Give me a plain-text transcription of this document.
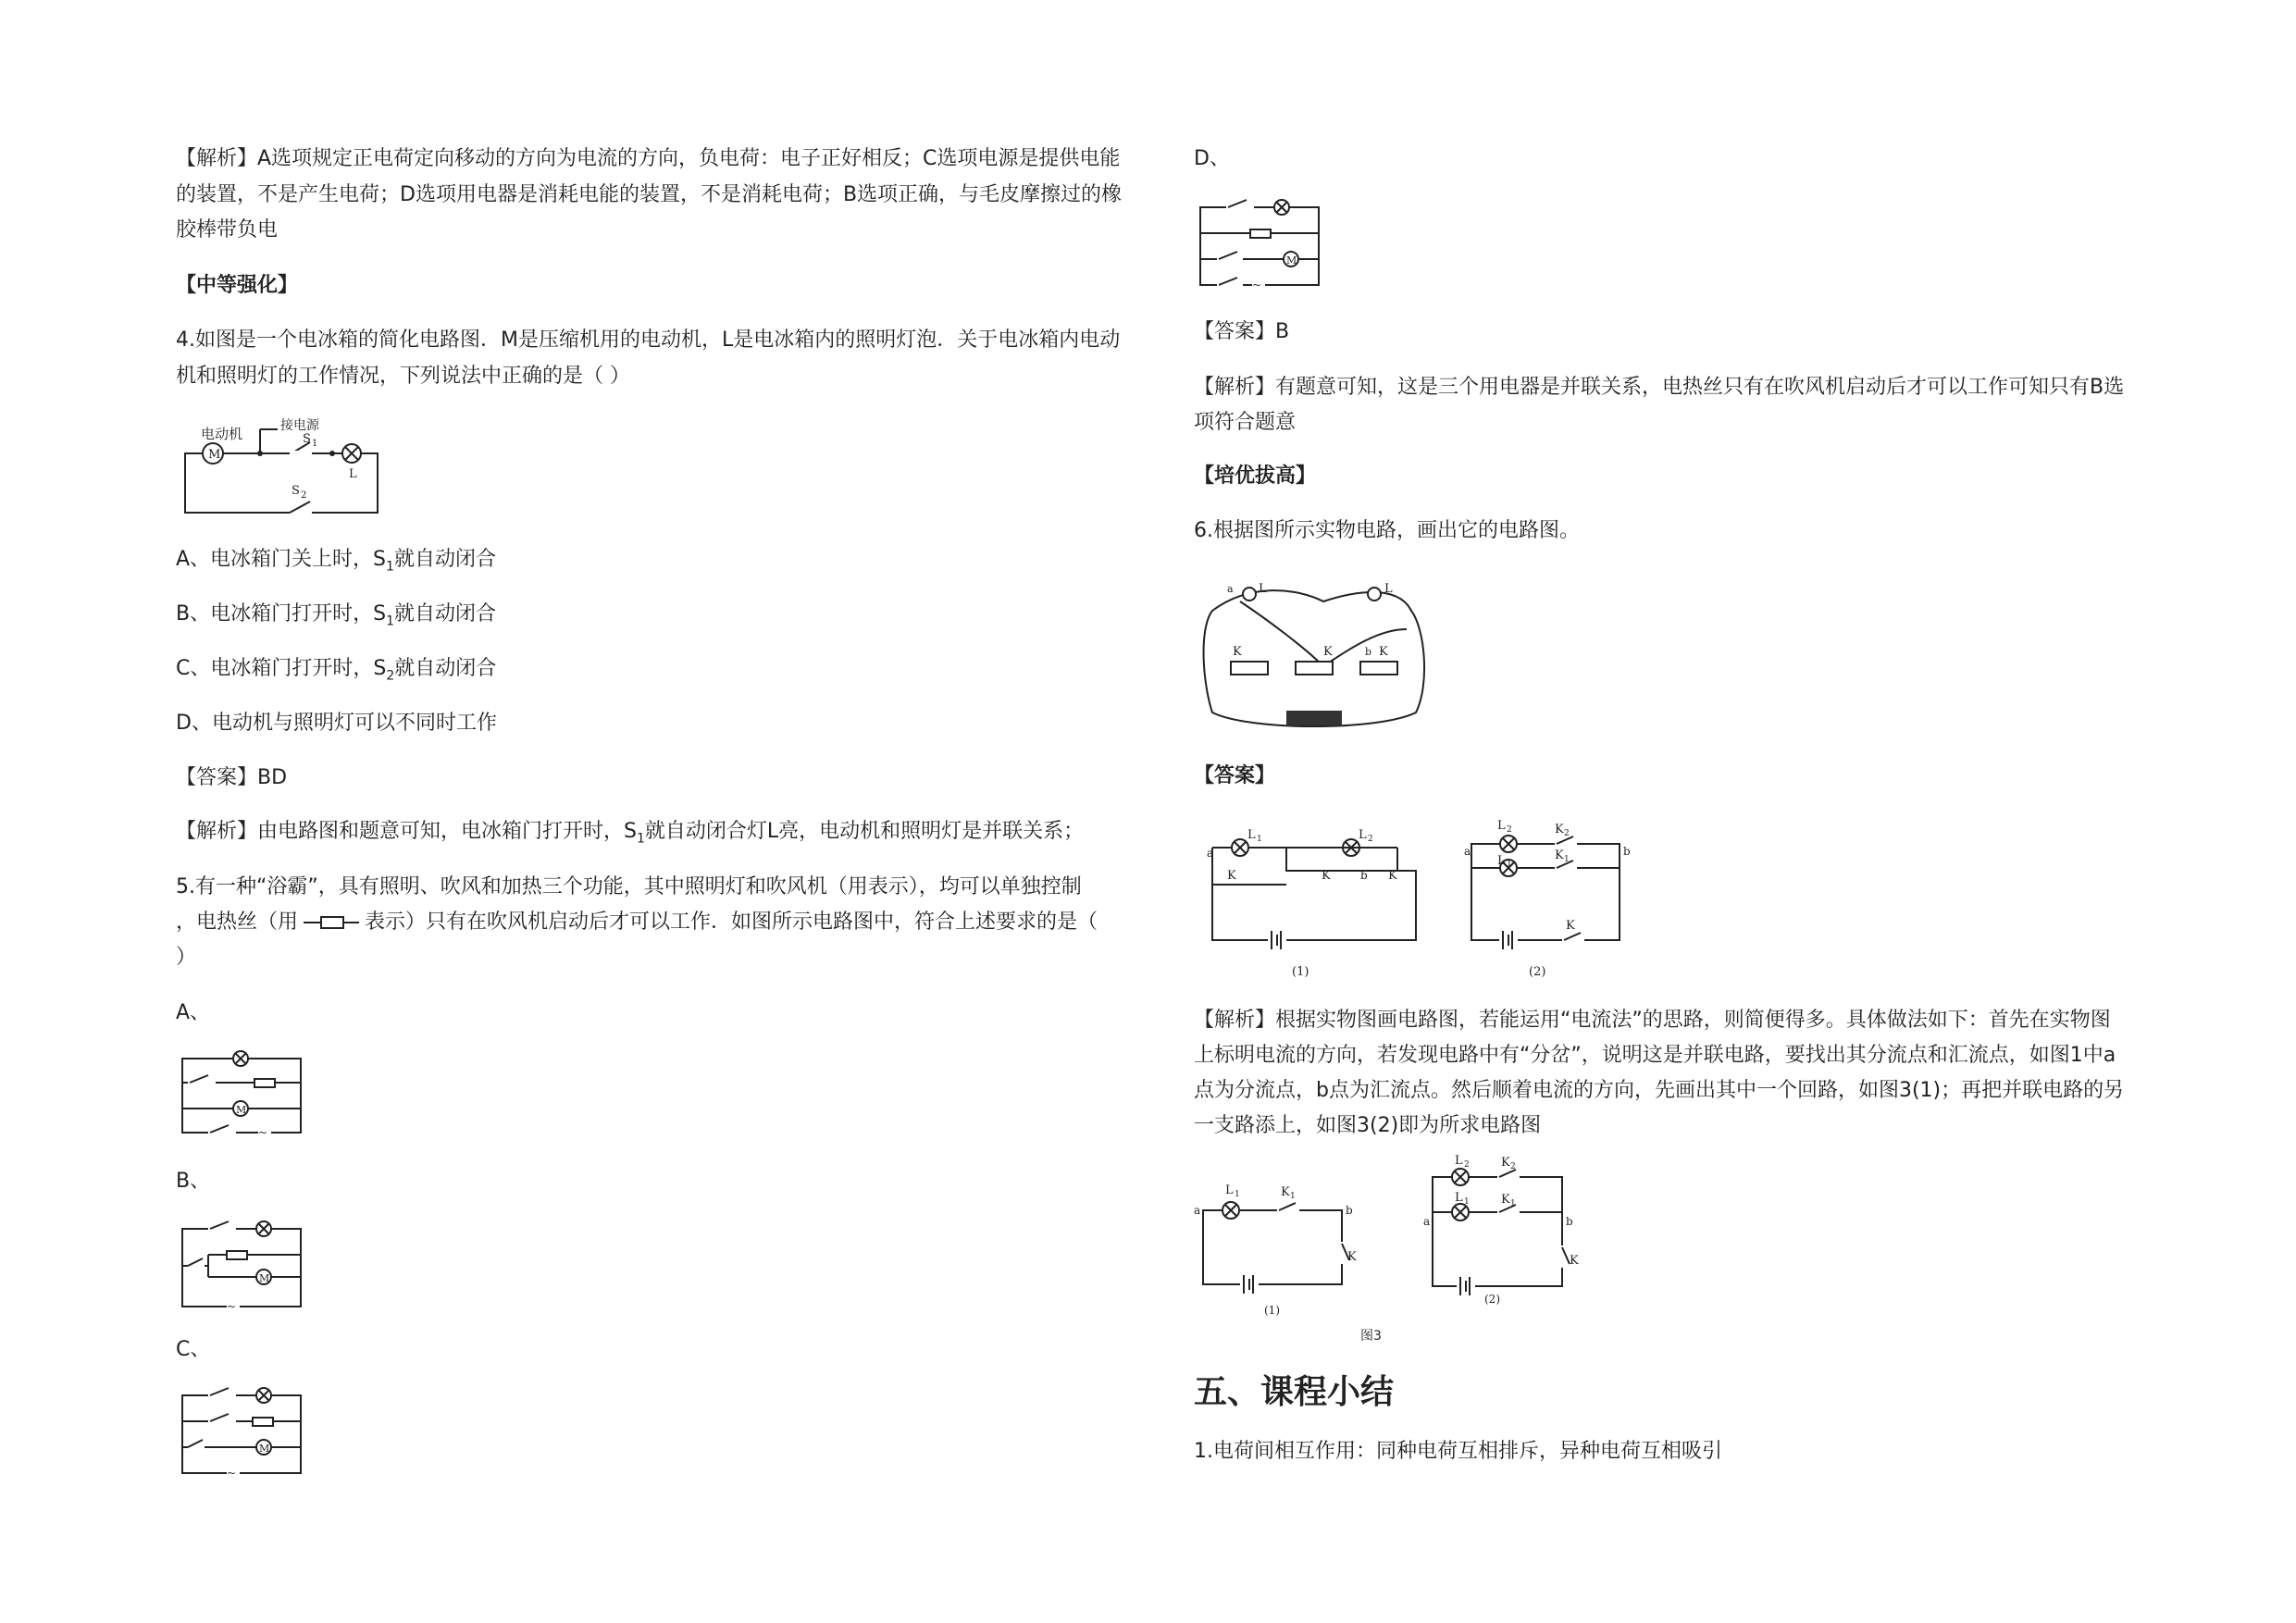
【解析】A选项规定正电荷定向移动的方向为电流的方向，负电荷：电子正好相反；C选项电源是提供电能
的装置，不是产生电荷；D选项用电器是消耗电能的装置，不是消耗电荷；B选项正确，与毛皮摩擦过的橡
胶棒带负电
【中等强化】
4.如图是一个电冰箱的简化电路图．M是压缩机用的电动机，L是电冰箱内的照明灯泡．关于电冰箱内电动
机和照明灯的工作情况，下列说法中正确的是（ ）
电动机	接电源
M
S 1
L
S 2
A、电冰箱门关上时，$S_1$就自动闭合
B、电冰箱门打开时，$S_1$就自动闭合
C、电冰箱门打开时，$S_2$就自动闭合
D、电动机与照明灯可以不同时工作
【答案】BD
【解析】由电路图和题意可知，电冰箱门打开时，$S_1$就自动闭合灯L亮，电动机和照明灯是并联关系；
5.有一种“浴霸”，具有照明、吹风和加热三个功能，其中照明灯和吹风机（用表示），均可以单独控制
，电热丝（用	表示）只有在吹风机启动后才可以工作．如图所示电路图中，符合上述要求的是（
）
A、
M
~
B、
M
~
C、
M
~
D、
M
~
【答案】B
【解析】有题意可知，这是三个用电器是并联关系，电热丝只有在吹风机启动后才可以工作可知只有B选
项符合题意
【培优拔高】
6.根据图所示实物电路，画出它的电路图。
L	L
a
K	K	K
b
【答案】
a
L 1	L 2
K	K	b K
(1)
a	b
L 2
L 1
K 2
K 1
K
(2)
【解析】根据实物图画电路图，若能运用“电流法”的思路，则简便得多。具体做法如下：首先在实物图
上标明电流的方向，若发现电路中有“分岔”，说明这是并联电路，要找出其分流点和汇流点，如图1中a
点为分流点，b点为汇流点。然后顺着电流的方向，先画出其中一个回路，如图3(1)；再把并联电路的另
一支路添上，如图3(2)即为所求电路图
a	b
L 1	K 1
K
(1)
a	b
L 2
L 1
K 2
K 1
K
(2)
图3
五、课程小结
1.电荷间相互作用：同种电荷互相排斥，异种电荷互相吸引
